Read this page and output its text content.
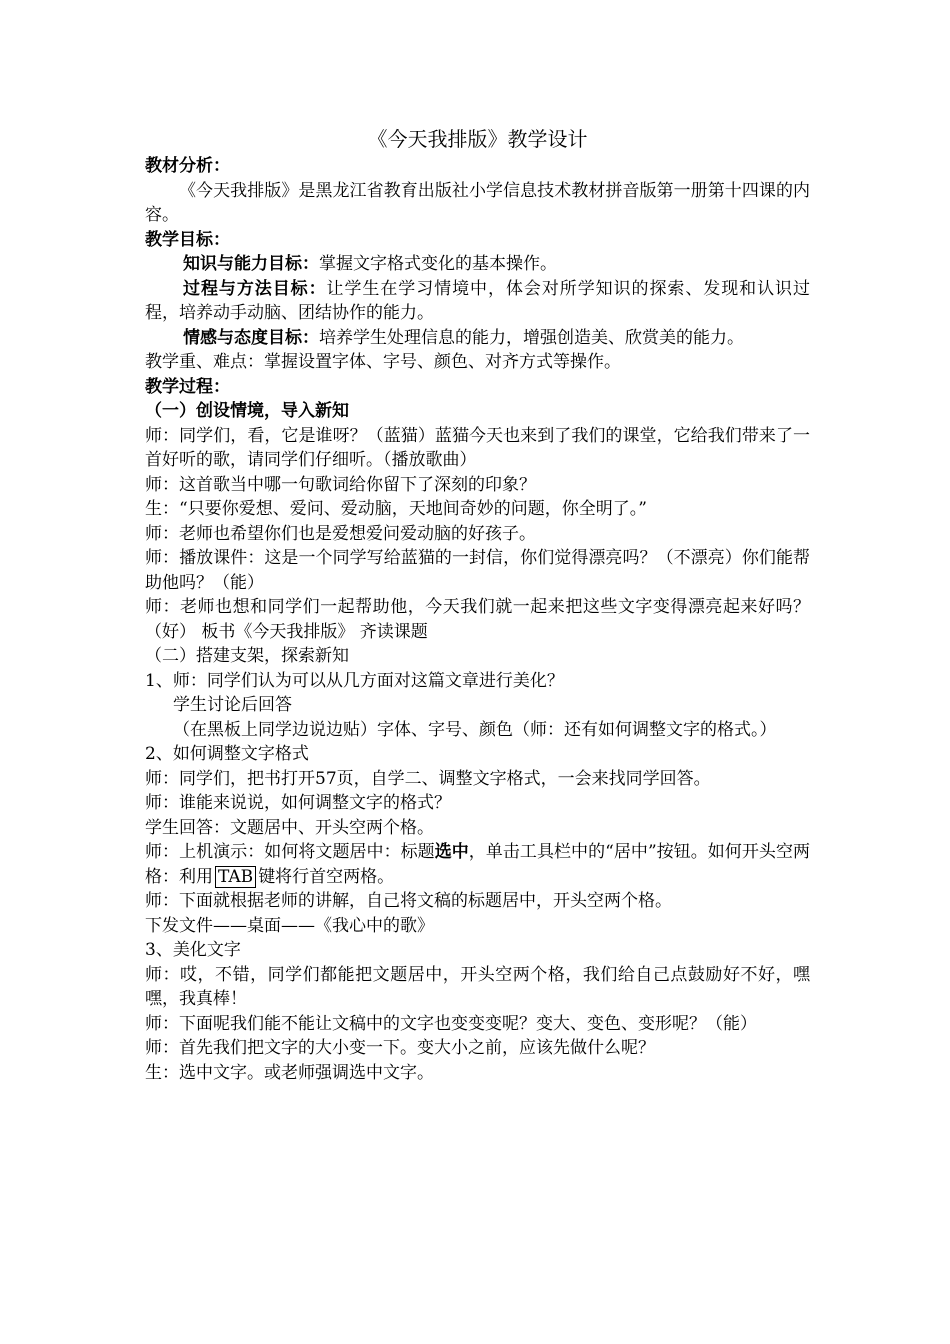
《今天我排版》教学设计

教材分析：

《今天我排版》是黑龙江省教育出版社小学信息技术教材拼音版第一册第十四课的内容。

教学目标：

知识与能力目标：掌握文字格式变化的基本操作。

过程与方法目标：让学生在学习情境中，体会对所学知识的探索、发现和认识过程，培养动手动脑、团结协作的能力。

情感与态度目标：培养学生处理信息的能力，增强创造美、欣赏美的能力。

教学重、难点：掌握设置字体、字号、颜色、对齐方式等操作。

教学过程：

（一）创设情境，导入新知

师：同学们，看，它是谁呀？（蓝猫）蓝猫今天也来到了我们的课堂，它给我们带来了一首好听的歌，请同学们仔细听。（播放歌曲）

师：这首歌当中哪一句歌词给你留下了深刻的印象？

生：“只要你爱想、爱问、爱动脑，天地间奇妙的问题，你全明了。”

师：老师也希望你们也是爱想爱问爱动脑的好孩子。

师：播放课件：这是一个同学写给蓝猫的一封信，你们觉得漂亮吗？（不漂亮）你们能帮助他吗？（能）

师：老师也想和同学们一起帮助他，今天我们就一起来把这些文字变得漂亮起来好吗？（好） 板书《今天我排版》 齐读课题

（二）搭建支架，探索新知

1、师：同学们认为可以从几方面对这篇文章进行美化？

学生讨论后回答

（在黑板上同学边说边贴）字体、字号、颜色（师：还有如何调整文字的格式。）

2、如何调整文字格式

师：同学们，把书打开57页，自学二、调整文字格式，一会来找同学回答。

师：谁能来说说，如何调整文字的格式？

学生回答：文题居中、开头空两个格。

师：上机演示：如何将文题居中：标题选中，单击工具栏中的“居中”按钮。如何开头空两格：利用 TAB 键将行首空两格。

师：下面就根据老师的讲解，自己将文稿的标题居中，开头空两个格。

下发文件——桌面——《我心中的歌》

3、美化文字

师：哎，不错，同学们都能把文题居中，开头空两个格，我们给自己点鼓励好不好，嘿嘿，我真棒！

师：下面呢我们能不能让文稿中的文字也变变变呢？变大、变色、变形呢？（能）

师：首先我们把文字的大小变一下。变大小之前，应该先做什么呢？

生：选中文字。或老师强调选中文字。
